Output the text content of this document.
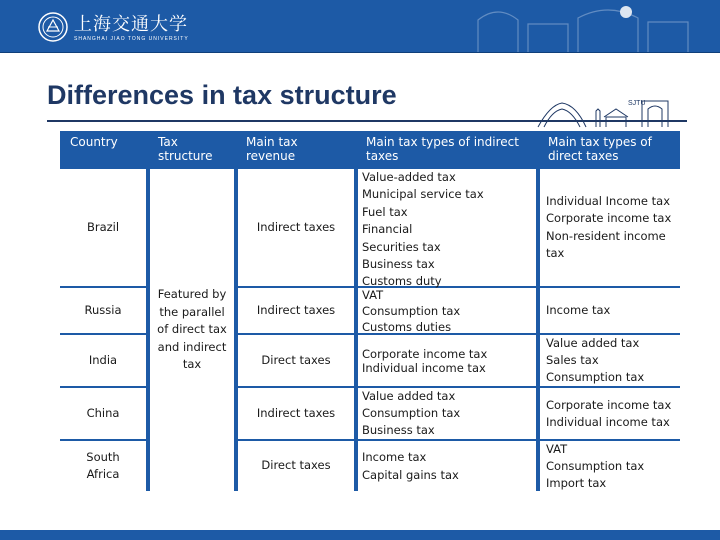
上海交通大学
SHANGHAI JIAO TONG UNIVERSITY
Differences in tax structure	SJTU
Country	Tax
structure
Main tax
revenue
Main tax types of indirect
taxes
Main tax types of
direct taxes
Brazil
Russia
India
China
South
Africa
Featured by
the parallel
of direct tax
and indirect
tax
Indirect taxes
Indirect taxes
Direct taxes
Indirect taxes
Direct taxes
Value-added tax
Municipal service tax
Fuel tax
Financial
Securities tax
Business tax
Customs duty
VAT
Consumption tax
Customs duties
Corporate income tax
Individual income tax
Value added tax
Consumption tax
Business tax
Income tax
Capital gains tax
Individual Income tax
Corporate income tax
Non-resident income
tax
Income tax
Value added tax
Sales tax
Consumption tax
Corporate income tax
Individual income tax
VAT
Consumption tax
Import tax
